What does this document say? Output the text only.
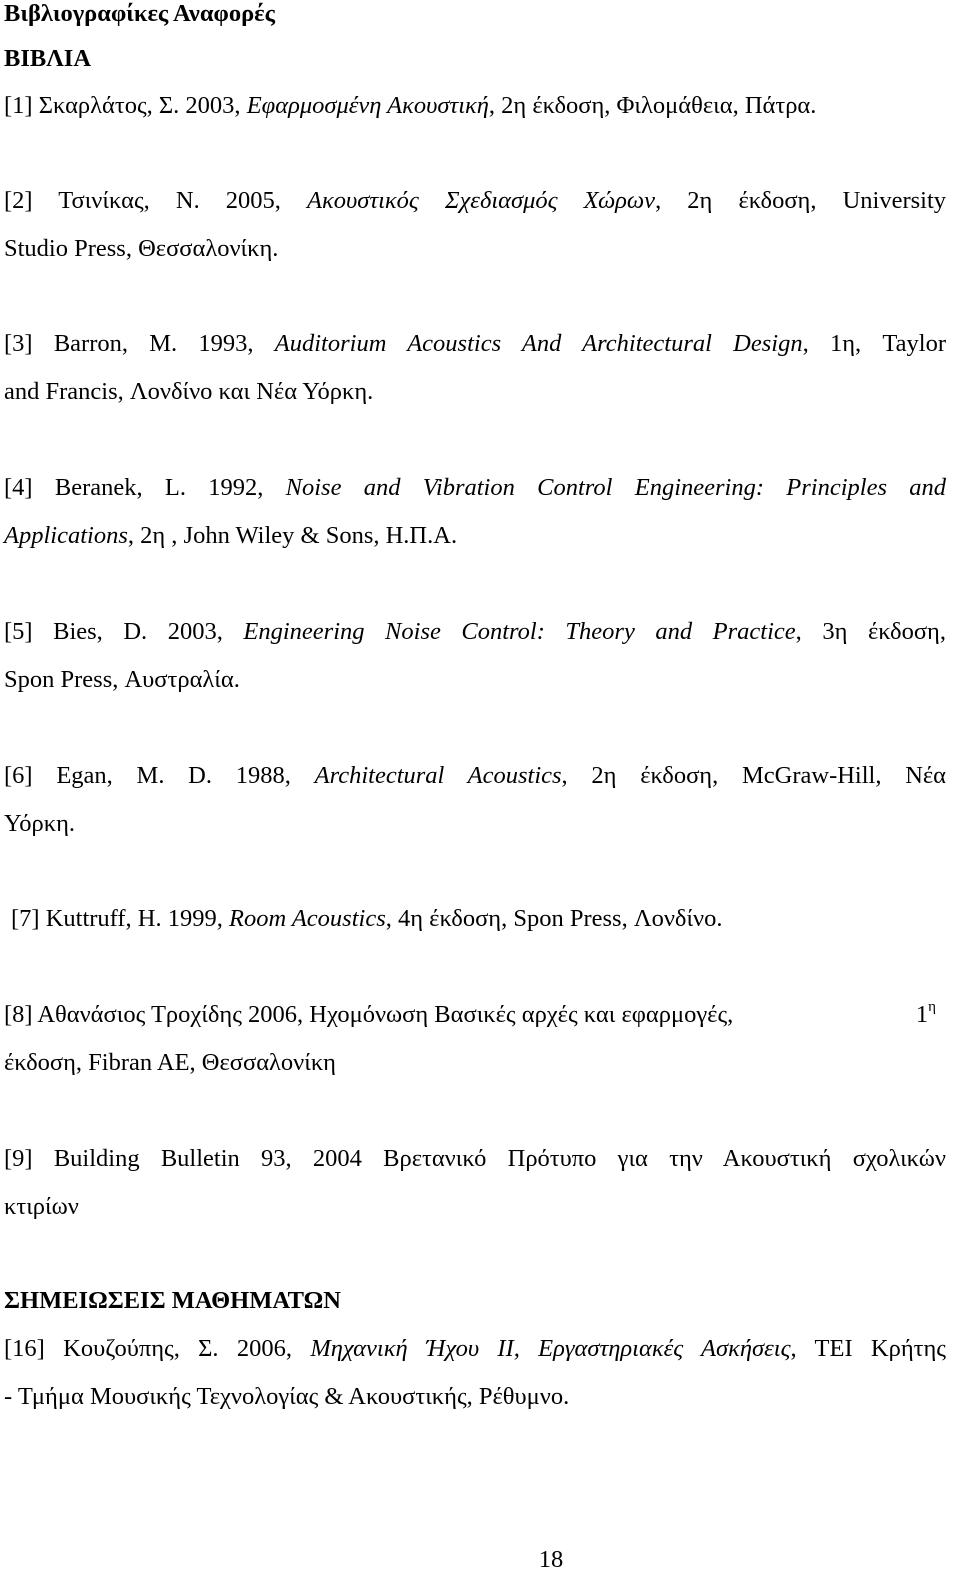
Βιβλιογραφίκες Αναφορές
ΒΙΒΛΙΑ
[1] Σκαρλάτος, Σ. 2003, Εφαρμοσμένη Ακουστική, 2η έκδοση, Φιλομάθεια, Πάτρα.
[2] Τσινίκας, Ν. 2005, Ακουστικός Σχεδιασμός Χώρων, 2η έκδοση, University
Studio Press, Θεσσαλονίκη.
[3] Barron, M. 1993, Auditorium Acoustics And Architectural Design, 1η, Taylor
and Francis, Λονδίνο και Νέα Υόρκη.
[4] Beranek, L. 1992, Noise and Vibration Control Engineering: Principles and
Applications, 2η , John Wiley & Sons, Η.Π.Α.
[5] Bies, D. 2003, Engineering Noise Control: Theory and Practice, 3η έκδοση,
Spon Press, Αυστραλία.
[6] Egan, M. D. 1988, Architectural Acoustics, 2η έκδοση, McGraw-Hill, Νέα
Υόρκη.
[7] Kuttruff, H. 1999, Room Acoustics, 4η έκδοση, Spon Press, Λονδίνο.
[8] Αθανάσιος Τροχίδης 2006, Ηχομόνωση Βασικές αρχές και εφαρμογές,	$1^\eta$
έκδοση, Fibran AE, Θεσσαλονίκη
[9] Building Bulletin 93, 2004 Βρετανικό Πρότυπο για την Ακουστική σχολικών
κτιρίων
ΣΗΜΕΙΩΣΕΙΣ ΜΑΘΗΜΑΤΩΝ
[16] Κουζούπης, Σ. 2006, Μηχανική Ήχου ΙΙ, Εργαστηριακές Ασκήσεις, ΤΕΙ Κρήτης
- Τμήμα Μουσικής Τεχνολογίας & Ακουστικής, Ρέθυμνο.
18
